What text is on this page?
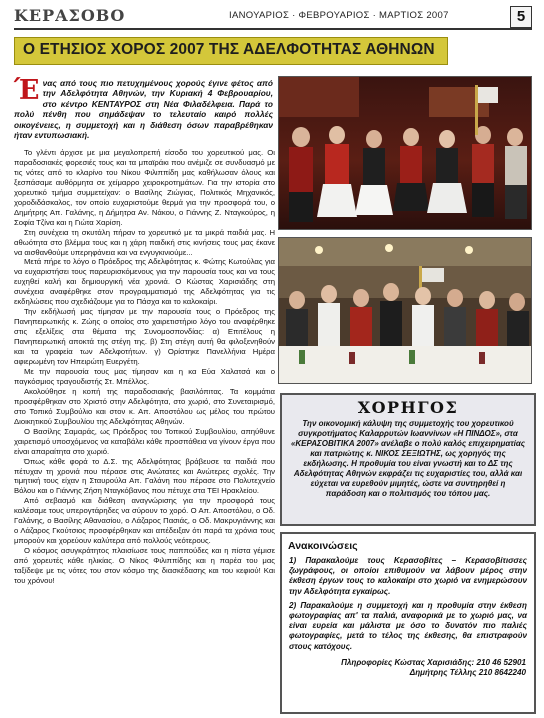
ΚΕΡΑΣΟΒΟ	ΙΑΝΟΥΑΡΙΟΣ · ΦΕΒΡΟΥΑΡΙΟΣ · ΜΑΡΤΙΟΣ 2007	5
Ο ΕΤΗΣΙΟΣ ΧΟΡΟΣ 2007 ΤΗΣ ΑΔΕΛΦΟΤΗΤΑΣ ΑΘΗΝΩΝ
Ένας από τους πιο πετυχημένους χορούς έγινε φέτος από την Αδελφότητα Αθηνών, την Κυριακή 4 Φεβρουαρίου, στο κέντρο ΚΕΝΤΑΥΡΟΣ στη Νέα Φιλαδέλφεια. Παρά το πολύ πένθη που σημάδεψαν το τελευταίο καιρό πολλές οικογένειες, η συμμετοχή και η διάθεση όσων παραβρέθηκαν ήταν εντυπωσιακή.

Το γλέντι άρχισε με μια μεγαλοπρεπή είσοδο του χορευτικού μας. Οι παραδοσιακές φορεσιές τους και τα μπαϊράκι που ανέμιζε σε συνδυασμό με τις νότες από το κλαρίνο του Νίκου Φιλιππίδη μας καθήλωσαν όλους και ξεσπάσαμε αυθόρμητα σε χείμαρρο χειροκροτημάτων. Για την ιστορία στο χορευτικό τμήμα συμμετείχαν: ο Βασίλης Ζιώγιας, Πολιτικός Μηχανικός, χοροδιδάσκαλος, τον οποίο ευχαριστούμε θερμά για την προσφορά του, ο Δημήτρης Απ. Γαλάνης, η Δήμητρα Αν. Νάκου, ο Γιάννης Ζ. Νταγκούρος, η Σοφία Τζίνα και η Γιώτα Χαρίση.

Στη συνέχεια τη σκυτάλη πήραν το χορευτικό με τα μικρά παιδιά μας. Η αθωότητα στο βλέμμα τους και η χάρη παιδική στις κινήσεις τους μας έκανε να αισθανθούμε υπερηφάνεια και να ενγυγκινιούμε...

Μετά πήρε το λόγο ο Πρόεδρος της Αδελφότητας κ. Φώτης Κωτούλας για να ευχαριστήσει τους παρευρισκόμενους για την παρουσία τους και να τους ευχηθεί καλή και δημιουργική νέα χρονιά. Ο Κώστας Χαρισιάδης στη συνέχεια αναφέρθηκε στον προγραμματισμό της Αδελφότητας για τις εκδηλώσεις που σχεδιάζουμε για το Πάσχα και το καλοκαίρι.

Την εκδήλωσή μας τίμησαν με την παρουσία τους ο Πρόεδρος της Πανηπειρωτικής κ. Ζώης ο οποίος στο χαιρετιστήριο λόγο του αναφέρθηκε στις εξελίξεις στα θέματα της Συνομοσπονδίας: α) Επιτέλους η Πανηπειρωτική αποκτά της στέγη της. β) Στη στέγη αυτή θα φιλοξενηθούν και τα γραφεία των Αδελφοτήτων. γ) Ορίστηκε Πανελλήνια Ημέρα αφιερωμένη τον Ηπειρώτη Ευεργέτη.

Με την παρουσία τους μας τίμησαν και η κα Εύα Χαλατσά και ο παγκόσμιος τραγουδιστής Στ. Μπέλλος.

Ακολούθησε η κοπή της παραδοσιακής βασιλόπιτας. Τα κομμάτια προσφέρθηκαν στο Χριστό στην Αδελφότητα, στο χωριό, στο Συνεταιρισμό, στο Τοπικό Συμβούλιο και στον κ. Απ. Αποστόλου ως μέλος του πρώτου Διοικητικού Συμβουλίου της Αδελφότητας Αθηνών.

Ο Βασίλης Σαμαράς, ως Πρόεδρος του Τοπικού Συμβουλίου, απηύθυνε χαιρετισμό υποσχόμενος να καταβάλει κάθε προσπάθεια να γίνουν έργα που είναι απαραίτητα στο χωριό.

Όπως κάθε φορά το Δ.Σ. της Αδελφότητας βράβευσε τα παιδιά που πέτυχαν τη χρονιά που πέρασε στις Ανώτατες και Ανώτερες σχολές. Την τιμητική τους είχαν η Σταυρούλα Απ. Γαλάνη που πέρασε στο Πολυτεχνείο Βόλου και ο Γιάννης Ζήση Νταγκόβανος που πέτυχε στα ΤΕΙ Ηρακλείου.

Από σεβασμό και διάθεση αναγνώρισης για την προσφορά τους καλέσαμε τους υπερογτάρηδες να σύρουν το χορό. Ο Απ. Αποστόλου, ο Οδ. Γαλάνης, ο Βασίλης Αθανασίου, ο Λάζαρος Πασιάς, ο Οδ. Μακρυγιάννης και ο Λάζαρος Γκούτσιος προσφέρθηκαν και απέδειξαν ότι παρά τα χρόνια τους μπορούν και χορεύουν καλύτερα από πολλούς νεότερους.

Ο κόσμος ασυγκράτητος πλαισίωσε τους παππούδες και η πίστα γέμισε από χορευτές κάθε ηλικίας. Ο Νίκος Φιλιππίδης και η παρέα του μας ταξίδεψε με τις νότες του στον κόσμο της διασκέδασης και του κεφιού! Και του χρόνου!

ΧΟΡΗΓΟΣ
Την οικονομική κάλυψη της συμμετοχής του χορευτικού συγκροτήματος Καλαρρυτών Ιωαννίνων «Η ΠΙΝΔΟΣ», στα «ΚΕΡΑΣΟΒΙΤΙΚΑ 2007» ανέλαβε ο πολύ καλός επιχειρηματίας και πατριώτης κ. ΝΙΚΟΣ ΣΕΞΙΩΤΗΣ, ως χορηγός της εκδήλωσης. Η προθυμία του είναι γνωστή και το ΔΣ της Αδελφότητας Αθηνών εκφράζει τις ευχαριστίες του, αλλά και εύχεται να ευρεθούν μιμητές, ώστε να συντηρηθεί η παράδοση και ο πολιτισμός του τόπου μας.
Ανακοινώσεις
1) Παρακαλούμε τους Κερασοβίτες – Κερασοβίτισσες ζωγράφους, οι οποίοι επιθυμούν να λάβουν μέρος στην έκθεση έργων τους το καλοκαίρι στο χωριό να ενημερώσουν την Αδελφότητα εγκαίρως.
2) Παρακαλούμε η συμμετοχή και η προθυμία στην έκθεση φωτογραφίας απ' τα παλιά, αναφορικά με το χωριό μας, να είναι ευρεία και μάλιστα με όσο το δυνατόν πιο παλιές φωτογραφίες, μετά το τέλος της έκθεσης, θα επιστραφούν στους κατόχους.
Πληροφορίες Κώστας Χαρισιάδης: 210 46 52901
Δημήτρης Τέλλης 210 8642240
